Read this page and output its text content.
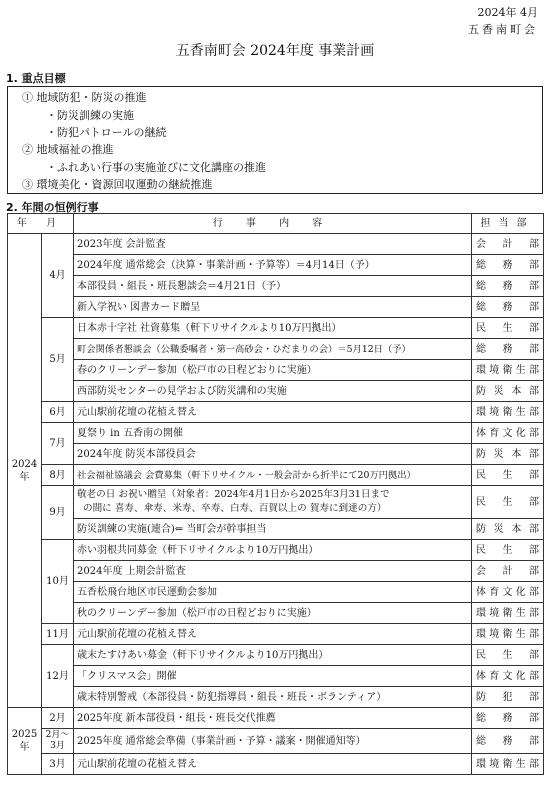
2024年 4月
五香南町会
五香南町会 2024年度 事業計画
1. 重点目標
① 地域防犯・防災の推進
・防災訓練の実施
・防犯パトロールの継続
② 地域福祉の推進
・ふれあい行事の実施並びに文化講座の推進
③ 環境美化・資源回収運動の継続推進
2. 年間の恒例行事
年 月		行 事 内 容	担当部
2024
年	4月	2023年度 会計監査	会計部
		2024年度 通常総会（決算・事業計画・予算等）＝4月14日（予）	総務部
		本部役員・組長・班長懇談会＝4月21日（予）	総務部
		新入学祝い 図書カード贈呈	総務部
	5月	日本赤十字社 社資募集（軒下リサイクルより10万円拠出）	民生部
		町会関係者懇談会（公職委嘱者・第一高砂会・ひだまりの会）＝5月12日（予）	総務部
		春のクリーンデー参加（松戸市の日程どおりに実施）	環境衛生部
		西部防災センターの見学および防災講和の実施	防災本部
	6月	元山駅前花壇の花植え替え	環境衛生部
	7月	夏祭り in 五香南の開催	体育文化部
		2024年度 防災本部役員会	防災本部
	8月	社会福祉協議会 会費募集（軒下リサイクル・一般会計から折半にて20万円拠出）	民生部
	9月	敬老の日 お祝い贈呈（対象者：2024年4月1日から2025年3月31日まで
の間に 喜寿、傘寿、米寿、卒寿、白寿、百賀以上の 賀寿に到達の方）	民生部
		防災訓練の実施(連合)⇐ 当町会が幹事担当	防災本部
	10月	赤い羽根共同募金（軒下リサイクルより10万円拠出）	民生部
		2024年度 上期会計監査	会計部
		五香松飛台地区市民運動会参加	体育文化部
		秋のクリーンデー参加（松戸市の日程どおりに実施）	環境衛生部
	11月	元山駅前花壇の花植え替え	環境衛生部
	12月	歳末たすけあい募金（軒下リサイクルより10万円拠出）	民生部
		「クリスマス会」開催	体育文化部
		歳末特別警戒（本部役員・防犯指導員・組長・班長・ボランティア）	防犯部
2025
年	2月	2025年度 新本部役員・組長・班長交代推薦	総務部
	2月～
3月	2025年度 通常総会準備（事業計画・予算・議案・開催通知等）	総務部
	3月	元山駅前花壇の花植え替え	環境衛生部
